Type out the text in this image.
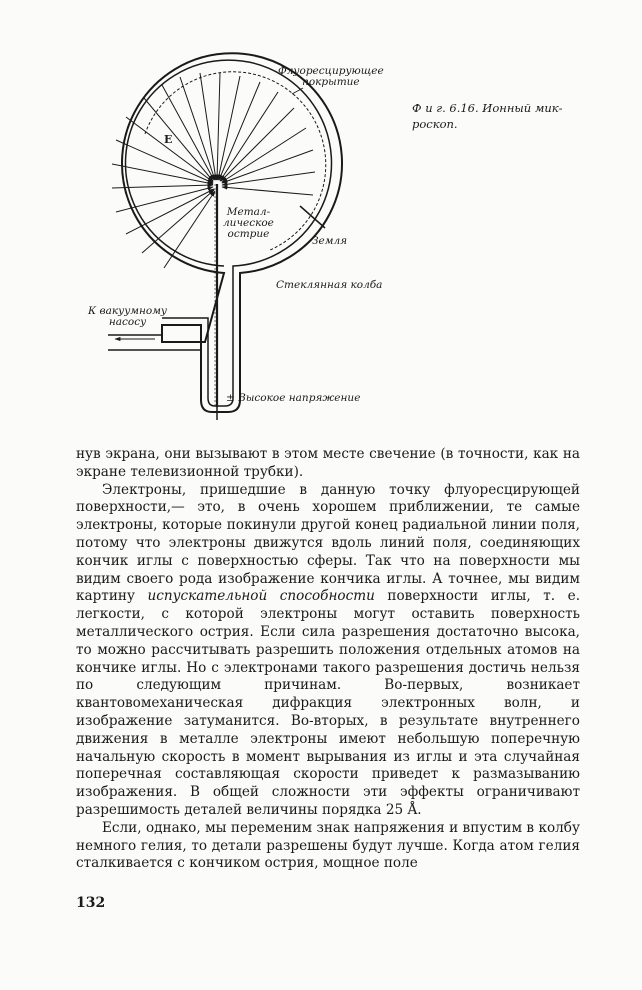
Флуоресцирующее
покрытие
E
Метал-
лическое
острие
Земля
Стеклянная колба
К вакуумному
насосу
± Высокое напряжение
Ф и г. 6.16. Ионный мик-
роскоп.

нув экрана, они вызывают в этом месте свечение (в точности, как на экране телевизионной трубки).

Электроны, пришедшие в данную точку флуоресцирующей поверхности,— это, в очень хорошем приближении, те самые электроны, которые покинули другой конец радиальной линии поля, потому что электроны движутся вдоль линий поля, соединяющих кончик иглы с поверхностью сферы. Так что на поверхности мы видим своего рода изображение кончика иглы. А точнее, мы видим картину испускательной способности поверхности иглы, т. е. легкости, с которой электроны могут оставить поверхность металлического острия. Если сила разрешения достаточно высока, то можно рассчитывать разрешить положения отдельных атомов на кончике иглы. Но с электронами такого разрешения достичь нельзя по следующим причинам. Во-первых, возникает квантовомеханическая дифракция электронных волн, и изображение затуманится. Во-вторых, в результате внутреннего движения в металле электроны имеют небольшую поперечную начальную скорость в момент вырывания из иглы и эта случайная поперечная составляющая скорости приведет к размазыванию изображения. В общей сложности эти эффекты ограничивают разрешимость деталей величины порядка 25 Å.

Если, однако, мы переменим знак напряжения и впустим в колбу немного гелия, то детали разрешены будут лучше. Когда атом гелия сталкивается с кончиком острия, мощное поле

132
